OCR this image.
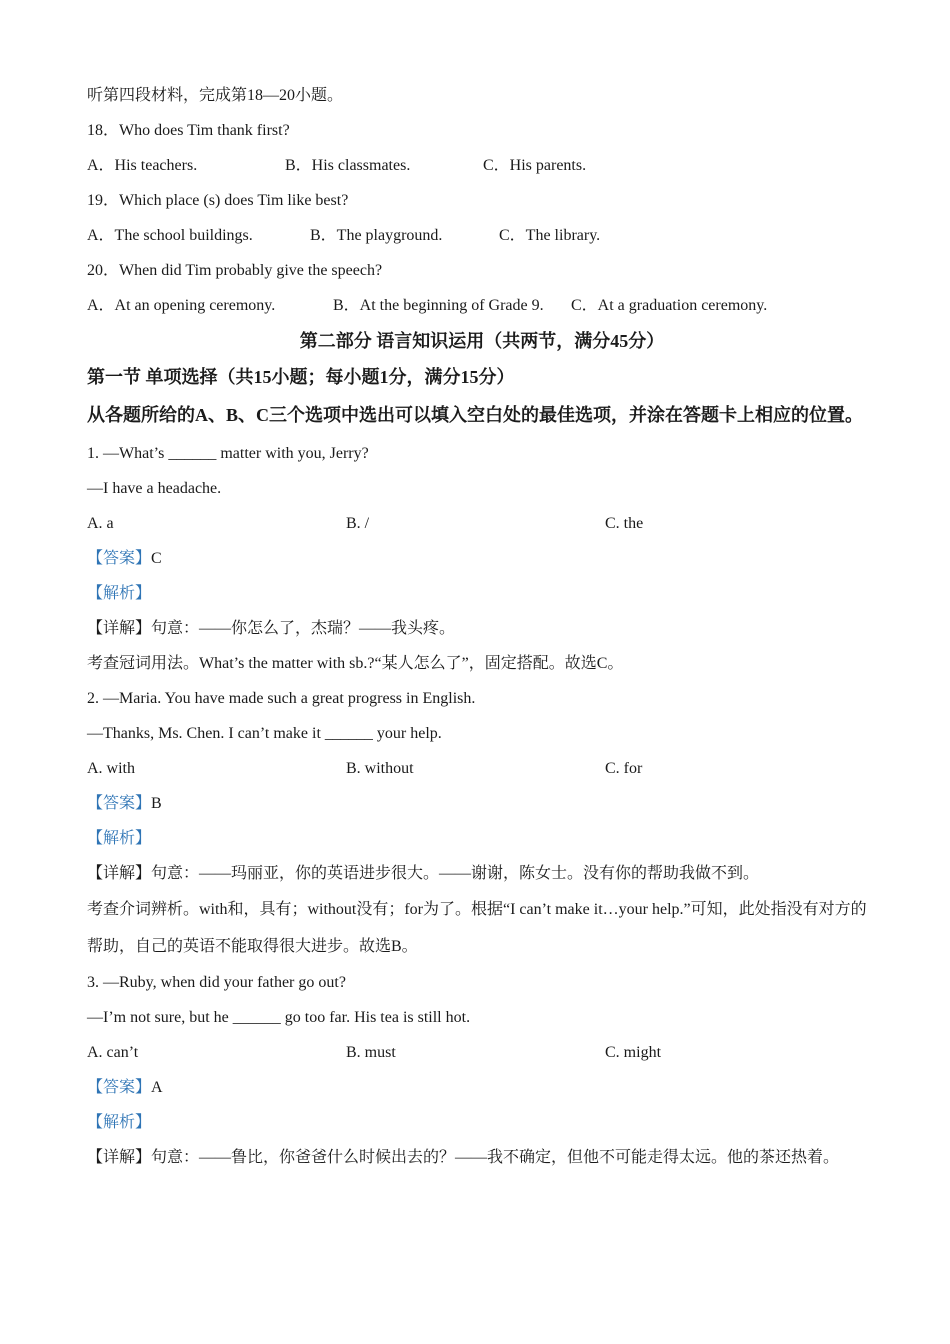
听第四段材料，完成第18—20小题。
18．Who does Tim thank first?
A．His teachers.	B．His classmates.	C．His parents.
19．Which place (s) does Tim like best?
A．The school buildings.	B．The playground.	C．The library.
20．When did Tim probably give the speech?
A．At an opening ceremony.	B．At the beginning of Grade 9.	C．At a graduation ceremony.
第二部分 语言知识运用（共两节，满分45分）
第一节 单项选择（共15小题；每小题1分，满分15分）
从各题所给的A、B、C三个选项中选出可以填入空白处的最佳选项，并涂在答题卡上相应的位置。
1. —What’s ______ matter with you, Jerry?
—I have a headache.
A. a	B. /	C. the
【答案】C
【解析】
【详解】句意：——你怎么了，杰瑞？——我头疼。
考查冠词用法。What’s the matter with sb.?“某人怎么了”，固定搭配。故选C。
2. —Maria. You have made such a great progress in English.
—Thanks, Ms. Chen. I can’t make it ______ your help.
A. with	B. without	C. for
【答案】B
【解析】
【详解】句意：——玛丽亚，你的英语进步很大。——谢谢，陈女士。没有你的帮助我做不到。
考查介词辨析。with和，具有；without没有；for为了。根据“I can’t make it…your help.”可知，此处指没有对方的帮助，自己的英语不能取得很大进步。故选B。
3. —Ruby, when did your father go out?
—I’m not sure, but he ______ go too far. His tea is still hot.
A. can’t	B. must	C. might
【答案】A
【解析】
【详解】句意：——鲁比，你爸爸什么时候出去的？——我不确定，但他不可能走得太远。他的茶还热着。
